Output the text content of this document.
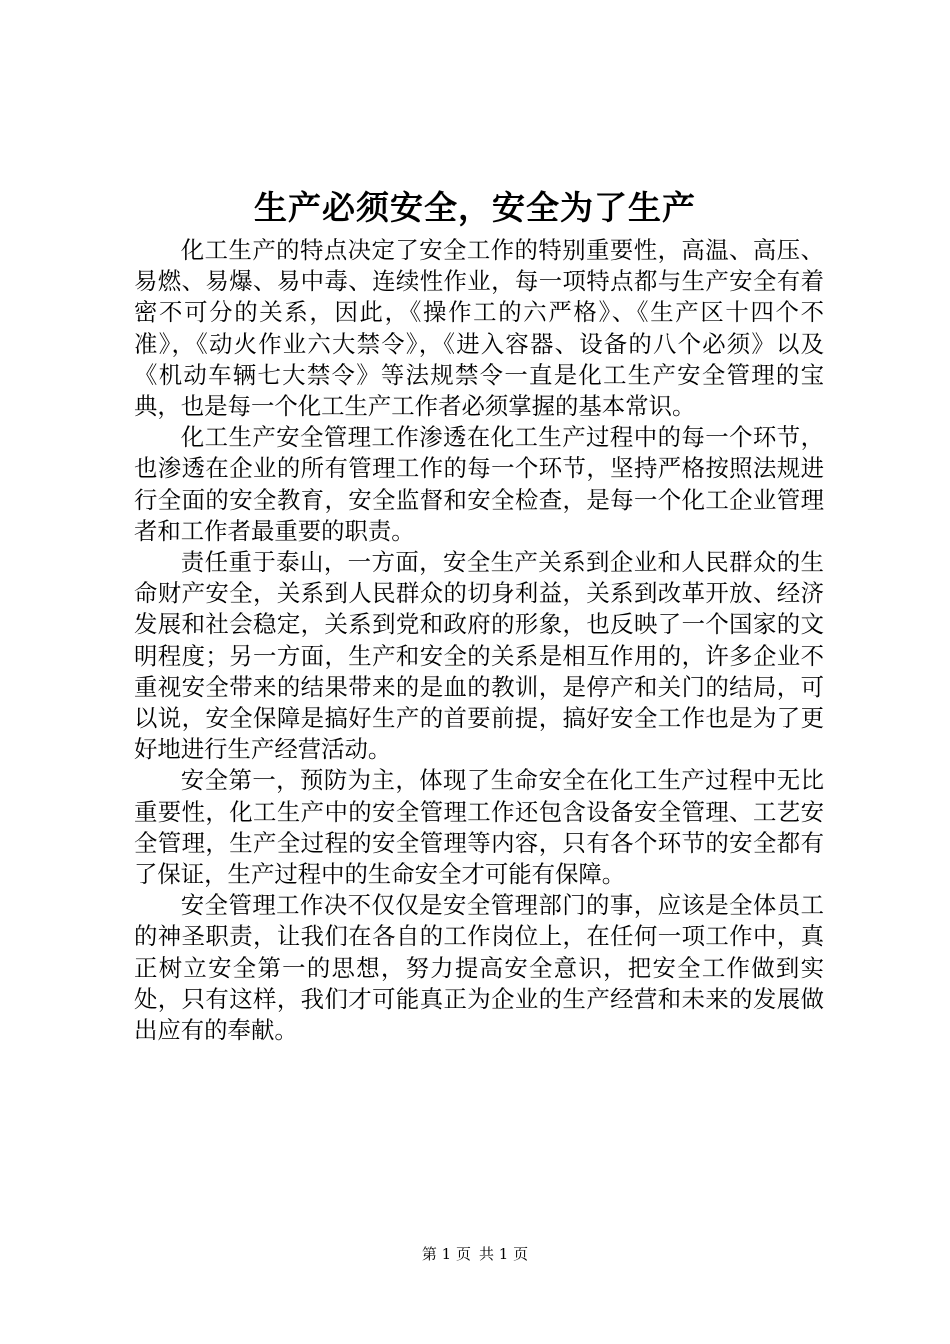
生产必须安全，安全为了生产

化工生产的特点决定了安全工作的特别重要性，高温、高压、易燃、易爆、易中毒、连续性作业，每一项特点都与生产安全有着密不可分的关系，因此，《操作工的六严格》、《生产区十四个不准》，《动火作业六大禁令》，《进入容器、设备的八个必须》以及《机动车辆七大禁令》等法规禁令一直是化工生产安全管理的宝典，也是每一个化工生产工作者必须掌握的基本常识。

化工生产安全管理工作渗透在化工生产过程中的每一个环节，也渗透在企业的所有管理工作的每一个环节，坚持严格按照法规进行全面的安全教育，安全监督和安全检查，是每一个化工企业管理者和工作者最重要的职责。

责任重于泰山，一方面，安全生产关系到企业和人民群众的生命财产安全，关系到人民群众的切身利益，关系到改革开放、经济发展和社会稳定，关系到党和政府的形象，也反映了一个国家的文明程度；另一方面，生产和安全的关系是相互作用的，许多企业不重视安全带来的结果带来的是血的教训，是停产和关门的结局，可以说，安全保障是搞好生产的首要前提，搞好安全工作也是为了更好地进行生产经营活动。

安全第一，预防为主，体现了生命安全在化工生产过程中无比重要性，化工生产中的安全管理工作还包含设备安全管理、工艺安全管理，生产全过程的安全管理等内容，只有各个环节的安全都有了保证，生产过程中的生命安全才可能有保障。

安全管理工作决不仅仅是安全管理部门的事，应该是全体员工的神圣职责，让我们在各自的工作岗位上，在任何一项工作中，真正树立安全第一的思想，努力提高安全意识，把安全工作做到实处，只有这样，我们才可能真正为企业的生产经营和未来的发展做出应有的奉献。

第 1 页 共 1 页
